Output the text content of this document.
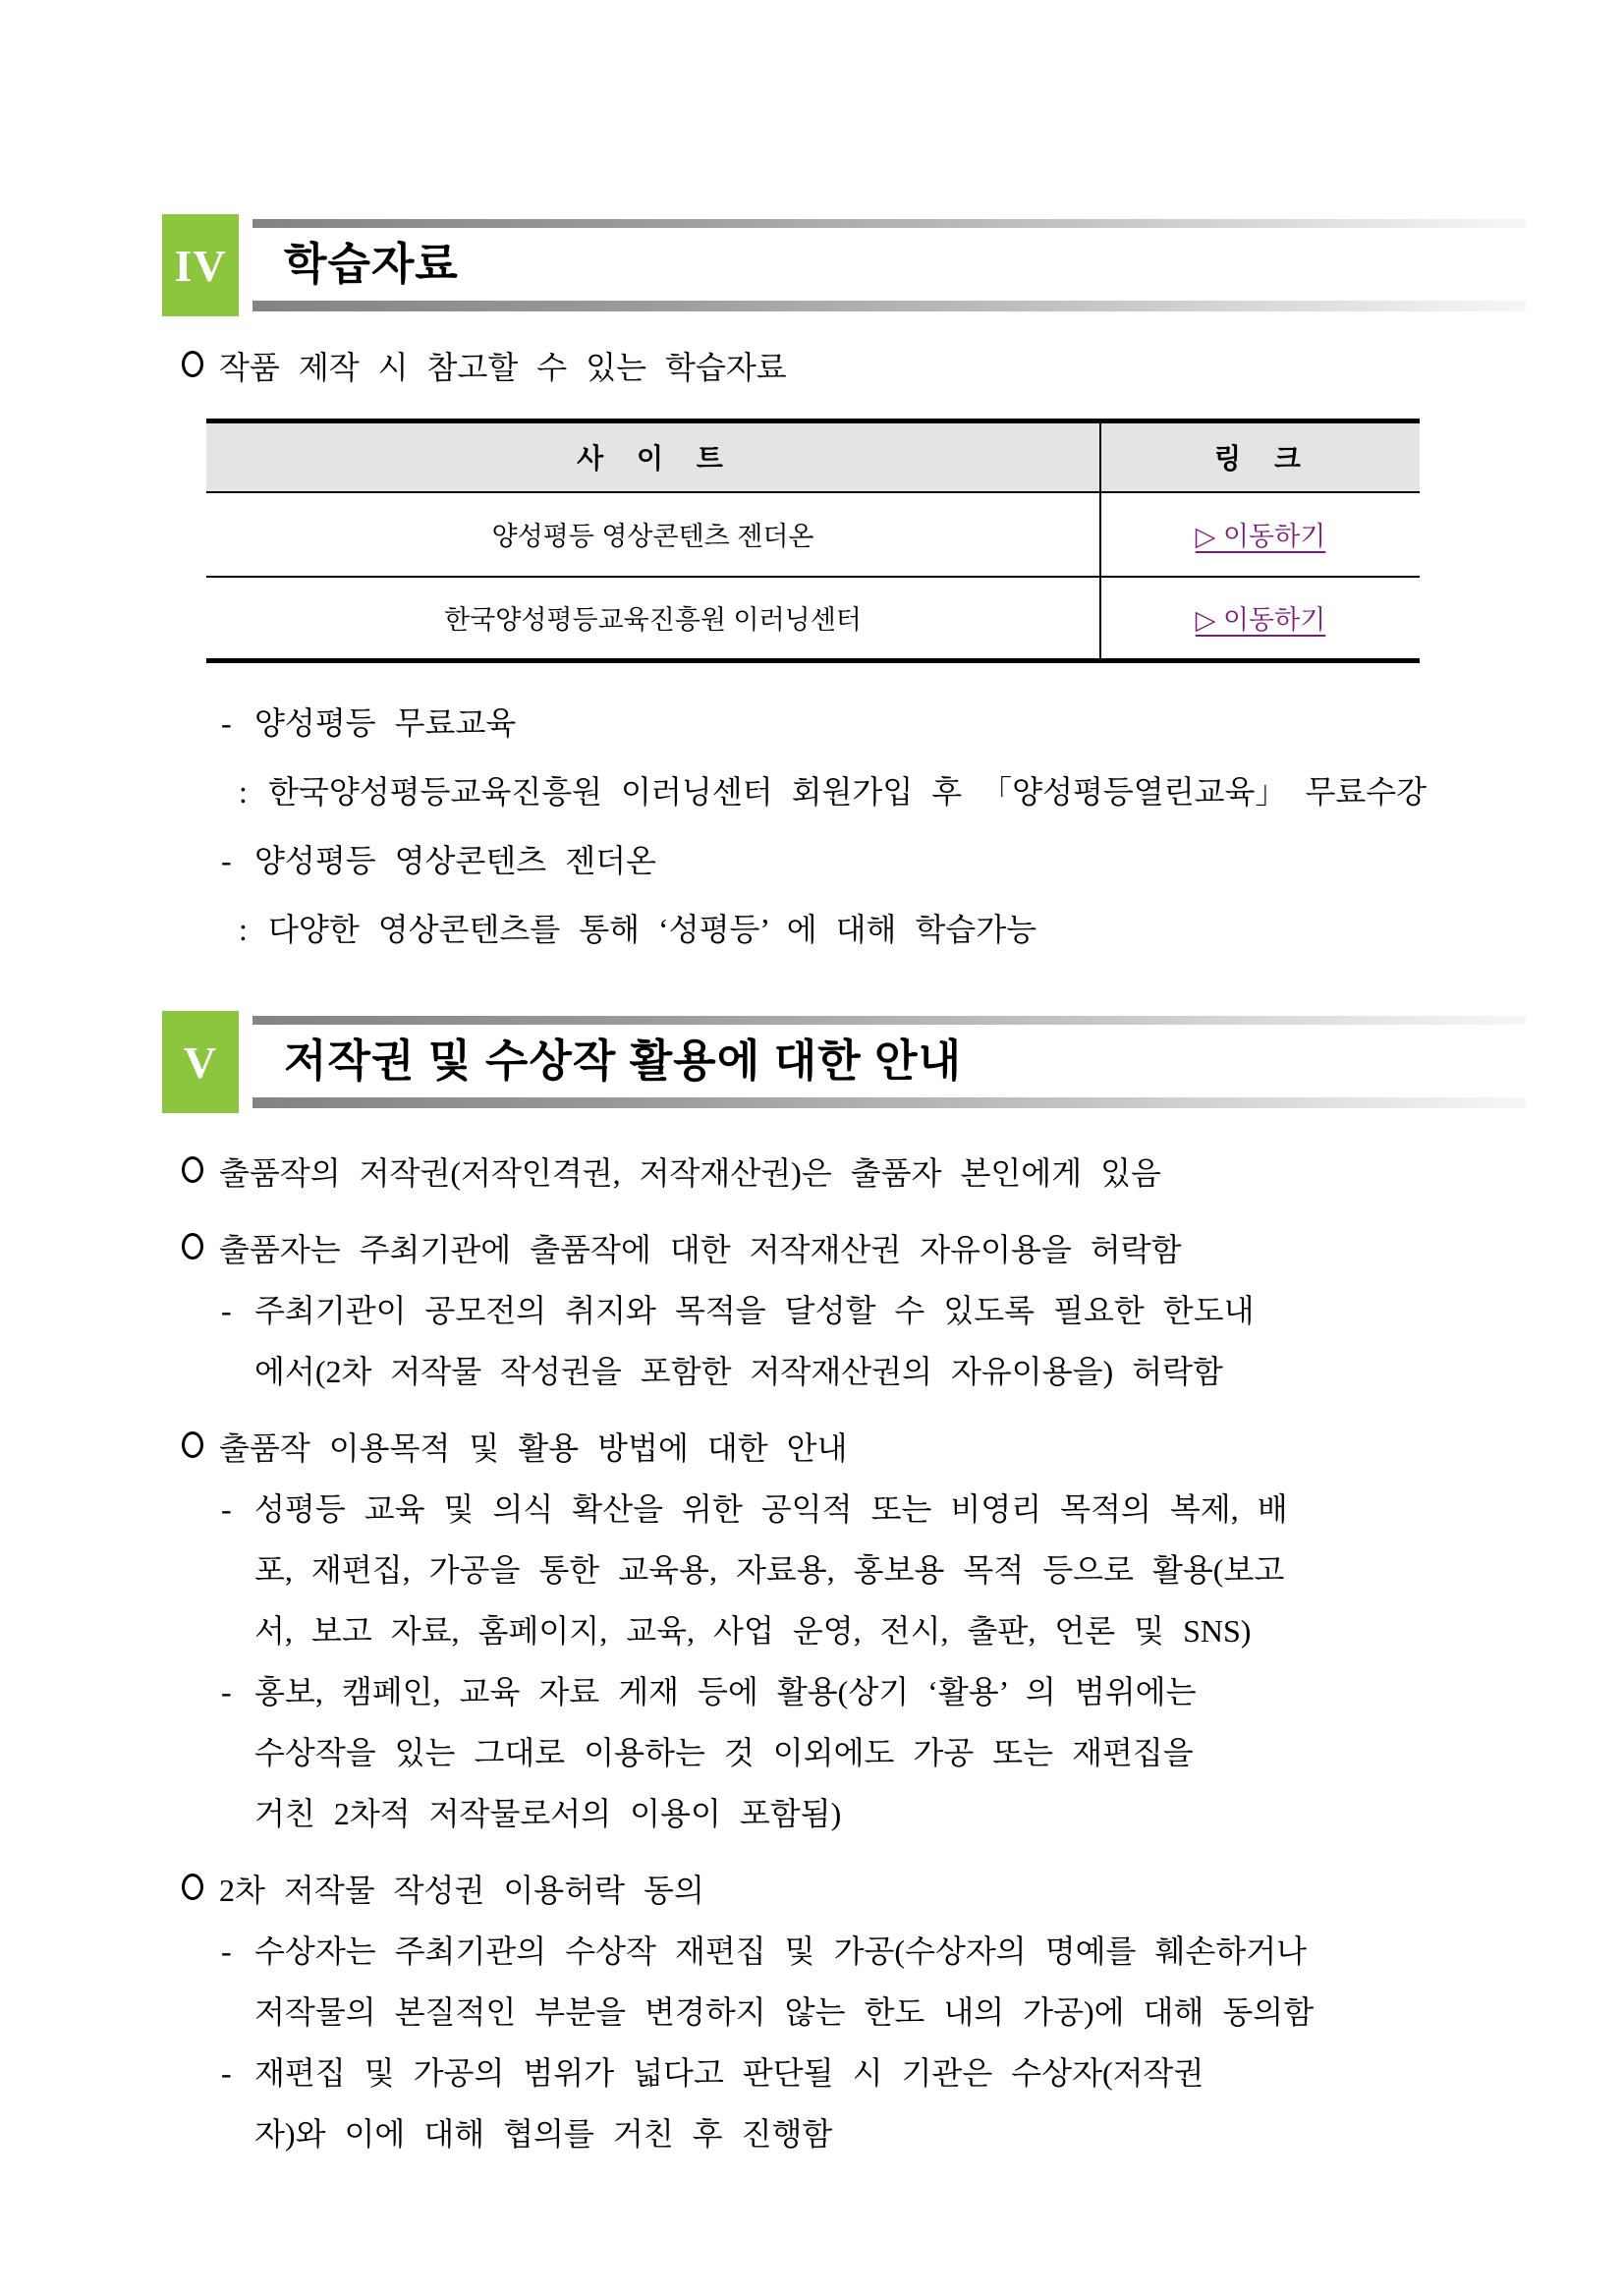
IV	학습자료
작품 제작 시 참고할 수 있는 학습자료
사 이 트	링 크
양성평등 영상콘텐츠 젠더온	▷ 이동하기
한국양성평등교육진흥원 이러닝센터	▷ 이동하기
- 양성평등 무료교육
: 한국양성평등교육진흥원 이러닝센터 회원가입 후 「양성평등열린교육」 무료수강
- 양성평등 영상콘텐츠 젠더온
: 다양한 영상콘텐츠를 통해 ‘성평등’ 에 대해 학습가능
V	저작권 및 수상작 활용에 대한 안내
출품작의 저작권(저작인격권, 저작재산권)은 출품자 본인에게 있음
출품자는 주최기관에 출품작에 대한 저작재산권 자유이용을 허락함
- 주최기관이 공모전의 취지와 목적을 달성할 수 있도록 필요한 한도내
에서(2차 저작물 작성권을 포함한 저작재산권의 자유이용을) 허락함
출품작 이용목적 및 활용 방법에 대한 안내
- 성평등 교육 및 의식 확산을 위한 공익적 또는 비영리 목적의 복제, 배
포, 재편집, 가공을 통한 교육용, 자료용, 홍보용 목적 등으로 활용(보고
서, 보고 자료, 홈페이지, 교육, 사업 운영, 전시, 출판, 언론 및 SNS)
- 홍보, 캠페인, 교육 자료 게재 등에 활용(상기 ‘활용’ 의 범위에는
수상작을 있는 그대로 이용하는 것 이외에도 가공 또는 재편집을
거친 2차적 저작물로서의 이용이 포함됨)
2차 저작물 작성권 이용허락 동의
- 수상자는 주최기관의 수상작 재편집 및 가공(수상자의 명예를 훼손하거나
저작물의 본질적인 부분을 변경하지 않는 한도 내의 가공)에 대해 동의함
- 재편집 및 가공의 범위가 넓다고 판단될 시 기관은 수상자(저작권
자)와 이에 대해 협의를 거친 후 진행함
